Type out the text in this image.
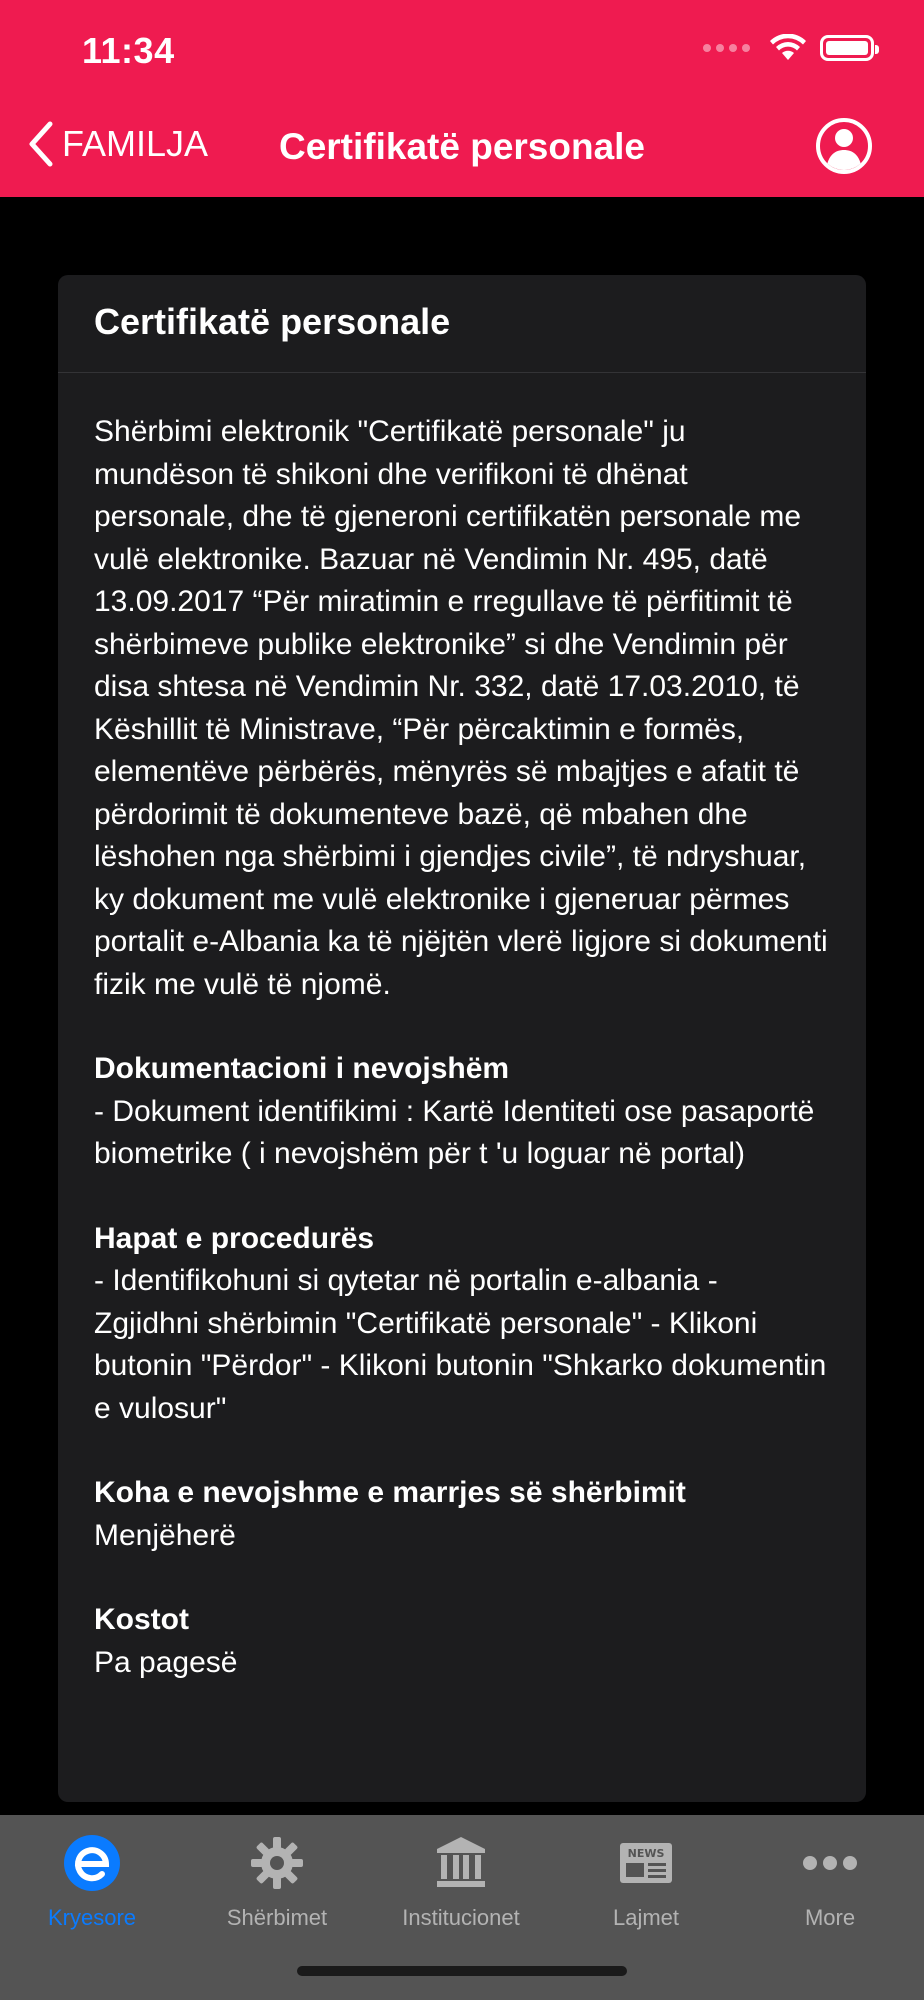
11:34
FAMILJA	Certifikatë personale
Certifikatë personale

Shërbimi elektronik "Certifikatë personale" ju mundëson të shikoni dhe verifikoni të dhënat personale, dhe të gjeneroni certifikatën personale me vulë elektronike. Bazuar në Vendimin Nr. 495, datë 13.09.2017 “Për miratimin e rregullave të përfitimit të shërbimeve publike elektronike” si dhe Vendimin për disa shtesa në Vendimin Nr. 332, datë 17.03.2010, të Këshillit të Ministrave, “Për përcaktimin e formës, elementëve përbërës, mënyrës së mbajtjes e afatit të përdorimit të dokumenteve bazë, që mbahen dhe lëshohen nga shërbimi i gjendjes civile”, të ndryshuar, ky dokument me vulë elektronike i gjeneruar përmes portalit e-Albania ka të njëjtën vlerë ligjore si dokumenti fizik me vulë të njomë.

Dokumentacioni i nevojshëm

- Dokument identifikimi : Kartë Identiteti ose pasaportë biometrike ( i nevojshëm për t 'u loguar në portal)

Hapat e procedurës

- Identifikohuni si qytetar në portalin e-albania - Zgjidhni shërbimin "Certifikatë personale" - Klikoni butonin "Përdor" - Klikoni butonin "Shkarko dokumentin e vulosur"

Koha e nevojshme e marrjes së shërbimit

Menjëherë

Kostot

Pa pagesë

Kryesore	Shërbimet	Institucionet
NEWS
Lajmet	More
